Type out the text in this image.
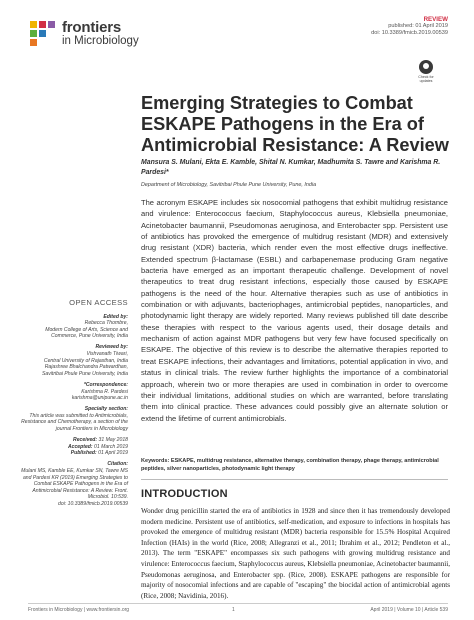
frontiers
in Microbiology
REVIEW
published: 01 April 2019
doi: 10.3389/fmicb.2019.00539
Check for
updates
Emerging Strategies to Combat ESKAPE Pathogens in the Era of Antimicrobial Resistance: A Review
Mansura S. Mulani, Ekta E. Kamble, Shital N. Kumkar, Madhumita S. Tawre and Karishma R. Pardesi*
Department of Microbiology, Savitribai Phule Pune University, Pune, India

The acronym ESKAPE includes six nosocomial pathogens that exhibit multidrug resistance and virulence: Enterococcus faecium, Staphylococcus aureus, Klebsiella pneumoniae, Acinetobacter baumannii, Pseudomonas aeruginosa, and Enterobacter spp. Persistent use of antibiotics has provoked the emergence of multidrug resistant (MDR) and extensively drug resistant (XDR) bacteria, which render even the most effective drugs ineffective. Extended spectrum β-lactamase (ESBL) and carbapenemase producing Gram negative bacteria have emerged as an important therapeutic challenge. Development of novel therapeutics to treat drug resistant infections, especially those caused by ESKAPE pathogens is the need of the hour. Alternative therapies such as use of antibiotics in combination or with adjuvants, bacteriophages, antimicrobial peptides, nanoparticles, and photodynamic light therapy are widely reported. Many reviews published till date describe these therapies with respect to the various agents used, their dosage details and mechanism of action against MDR pathogens but very few have focused specifically on ESKAPE. The objective of this review is to describe the alternative therapies reported to treat ESKAPE infections, their advantages and limitations, potential application in vivo, and status in clinical trials. The review further highlights the importance of a combinatorial approach, wherein two or more therapies are used in combination in order to overcome their individual limitations, additional studies on which are warranted, before translating them into clinical practice. These advances could possibly give an alternate solution or extend the lifetime of current antimicrobials.

Keywords: ESKAPE, multidrug resistance, alternative therapy, combination therapy, phage therapy, antimicrobial peptides, silver nanoparticles, photodynamic light therapy
INTRODUCTION

Wonder drug penicillin started the era of antibiotics in 1928 and since then it has tremendously developed modern medicine. Persistent use of antibiotics, self-medication, and exposure to infections in hospitals has provoked the emergence of multidrug resistant (MDR) bacteria responsible for 15.5% Hospital Acquired Infection (HAIs) in the world (Rice, 2008; Allegranzi et al., 2011; Ibrahim et al., 2012; Pendleton et al., 2013). The term "ESKAPE" encompasses six such pathogens with growing multidrug resistance and virulence: Enterococcus faecium, Staphylococcus aureus, Klebsiella pneumoniae, Acinetobacter baumannii, Pseudomonas aeruginosa, and Enterobacter spp. (Rice, 2008). ESKAPE pathogens are responsible for majority of nosocomial infections and are capable of "escaping" the biocidal action of antimicrobial agents (Rice, 2008; Navidinia, 2016).

OPEN ACCESS
Edited by:
Rebecca Thombre,
Modern College of Arts, Science and Commerce, Pune University, India
Reviewed by:
Vishvanath Tiwari,
Central University of Rajasthan, India
Rajashree Bhalchandra Patwardhan,
Savitribai Phule Pune University, India
*Correspondence:
Karishma R. Pardesi
karishma@unipune.ac.in
Specialty section:
This article was submitted to Antimicrobials, Resistance and Chemotherapy, a section of the journal Frontiers in Microbiology
Received: 31 May 2018
Accepted: 01 March 2019
Published: 01 April 2019
Citation:
Mulani MS, Kamble EE, Kumkar SN, Tawre MS and Pardesi KR (2019) Emerging Strategies to Combat ESKAPE Pathogens in the Era of Antimicrobial Resistance: A Review. Front. Microbiol. 10:539.
doi: 10.3389/fmicb.2019.00539
Frontiers in Microbiology | www.frontiersin.org	1	April 2019 | Volume 10 | Article 539
